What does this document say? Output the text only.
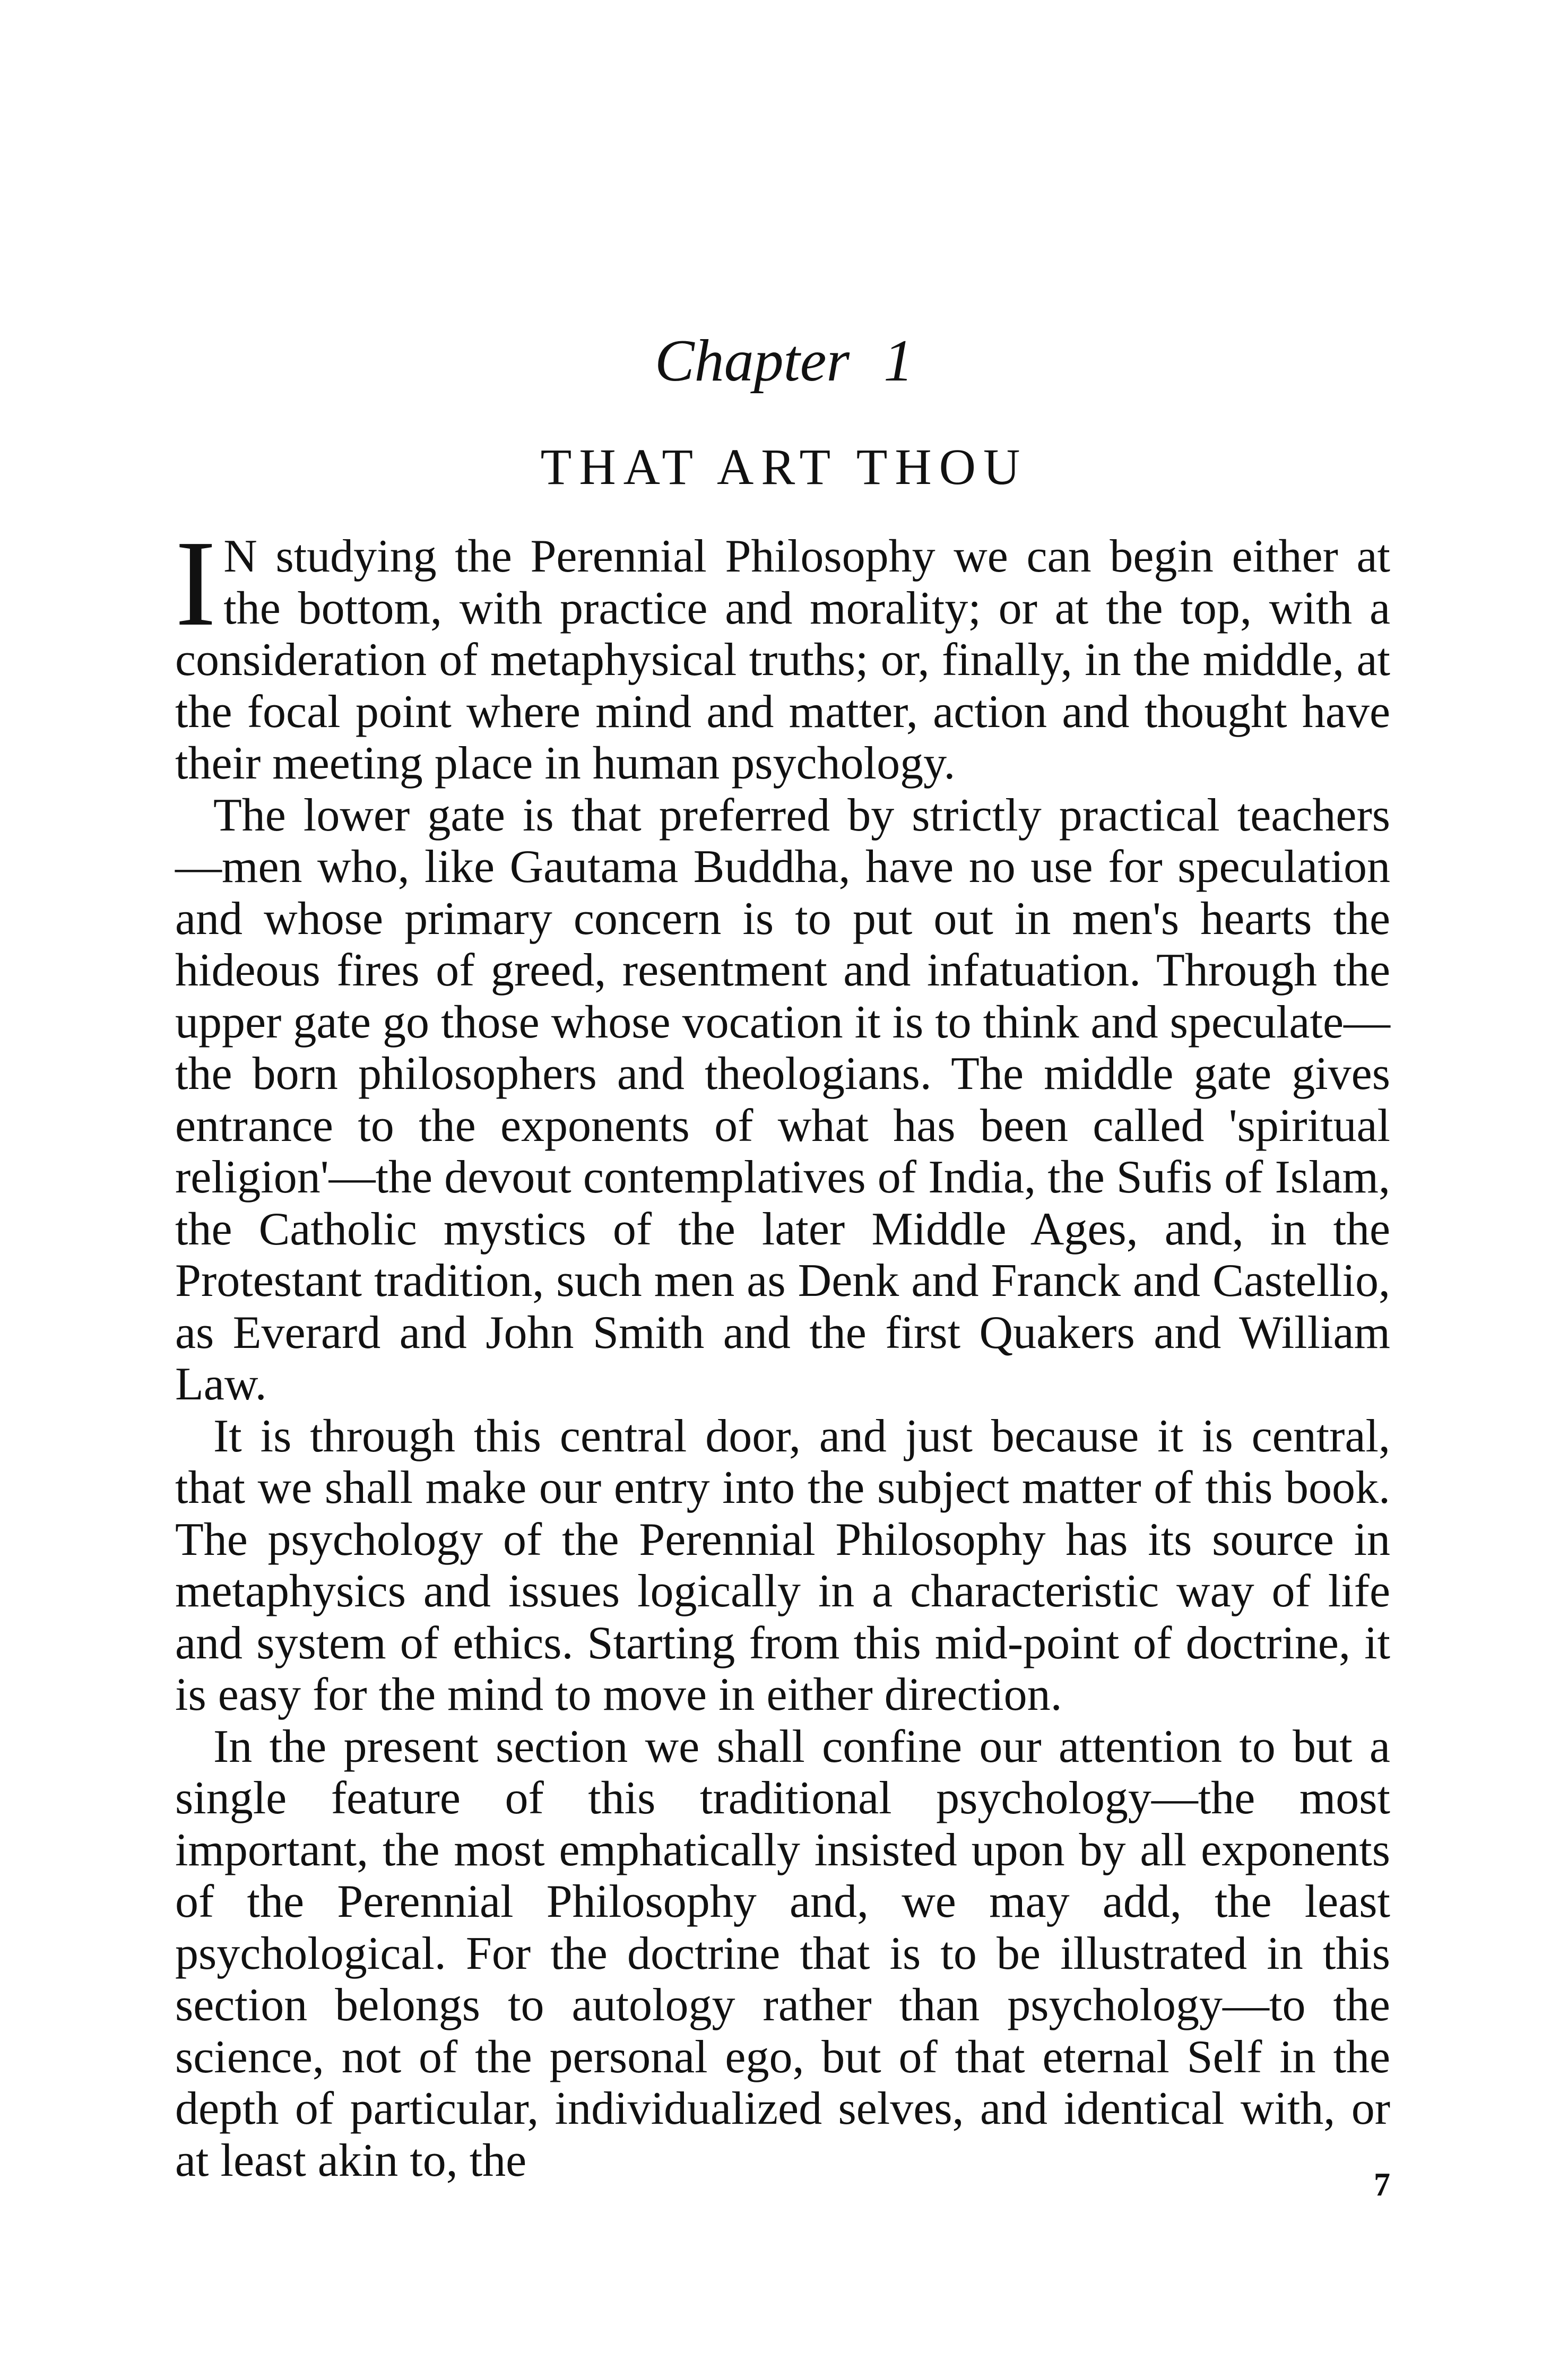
Chapter 1
THAT ART THOU

I N studying the Perennial Philosophy we can begin either at the bottom, with practice and morality; or at the top, with a consideration of metaphysical truths; or, finally, in the middle, at the focal point where mind and matter, action and thought have their meeting place in human psychology.

The lower gate is that preferred by strictly practical teachers —men who, like Gautama Buddha, have no use for speculation and whose primary concern is to put out in men's hearts the hideous fires of greed, resentment and infatuation. Through the upper gate go those whose vocation it is to think and speculate—the born philosophers and theologians. The middle gate gives entrance to the exponents of what has been called 'spiritual religion'—the devout contemplatives of India, the Sufis of Islam, the Catholic mystics of the later Middle Ages, and, in the Protestant tradition, such men as Denk and Franck and Castellio, as Everard and John Smith and the first Quakers and William Law.

It is through this central door, and just because it is central, that we shall make our entry into the subject matter of this book. The psychology of the Perennial Philosophy has its source in metaphysics and issues logically in a characteristic way of life and system of ethics. Starting from this mid-point of doctrine, it is easy for the mind to move in either direction.

In the present section we shall confine our attention to but a single feature of this traditional psychology—the most important, the most emphatically insisted upon by all exponents of the Perennial Philosophy and, we may add, the least psychological. For the doctrine that is to be illustrated in this section belongs to autology rather than psychology—to the science, not of the personal ego, but of that eternal Self in the depth of particular, individualized selves, and identical with, or at least akin to, the	7
